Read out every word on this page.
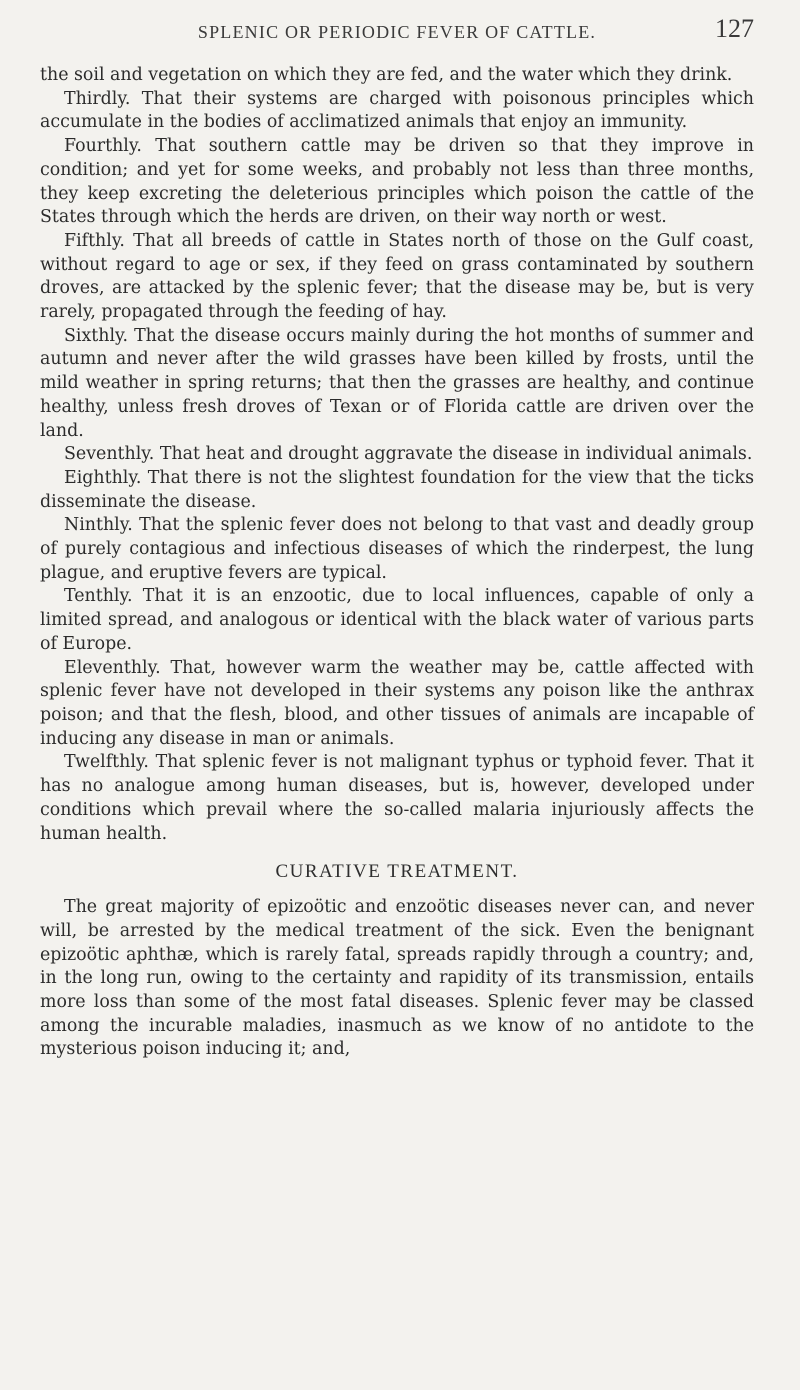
SPLENIC OR PERIODIC FEVER OF CATTLE.	127

the soil and vegetation on which they are fed, and the water which they drink.

Thirdly. That their systems are charged with poisonous principles which accumulate in the bodies of acclimatized animals that enjoy an immunity.

Fourthly. That southern cattle may be driven so that they improve in condition; and yet for some weeks, and probably not less than three months, they keep excreting the deleterious principles which poison the cattle of the States through which the herds are driven, on their way north or west.

Fifthly. That all breeds of cattle in States north of those on the Gulf coast, without regard to age or sex, if they feed on grass contaminated by southern droves, are attacked by the splenic fever; that the disease may be, but is very rarely, propagated through the feeding of hay.

Sixthly. That the disease occurs mainly during the hot months of summer and autumn and never after the wild grasses have been killed by frosts, until the mild weather in spring returns; that then the grasses are healthy, and continue healthy, unless fresh droves of Texan or of Florida cattle are driven over the land.

Seventhly. That heat and drought aggravate the disease in individual animals.

Eighthly. That there is not the slightest foundation for the view that the ticks disseminate the disease.

Ninthly. That the splenic fever does not belong to that vast and deadly group of purely contagious and infectious diseases of which the rinderpest, the lung plague, and eruptive fevers are typical.

Tenthly. That it is an enzootic, due to local influences, capable of only a limited spread, and analogous or identical with the black water of various parts of Europe.

Eleventhly. That, however warm the weather may be, cattle affected with splenic fever have not developed in their systems any poison like the anthrax poison; and that the flesh, blood, and other tissues of animals are incapable of inducing any disease in man or animals.

Twelfthly. That splenic fever is not malignant typhus or typhoid fever. That it has no analogue among human diseases, but is, however, developed under conditions which prevail where the so-called malaria injuriously affects the human health.

CURATIVE TREATMENT.

The great majority of epizoötic and enzoötic diseases never can, and never will, be arrested by the medical treatment of the sick. Even the benignant epizoötic aphthæ, which is rarely fatal, spreads rapidly through a country; and, in the long run, owing to the certainty and rapidity of its transmission, entails more loss than some of the most fatal diseases. Splenic fever may be classed among the incurable maladies, inasmuch as we know of no antidote to the mysterious poison inducing it; and,
